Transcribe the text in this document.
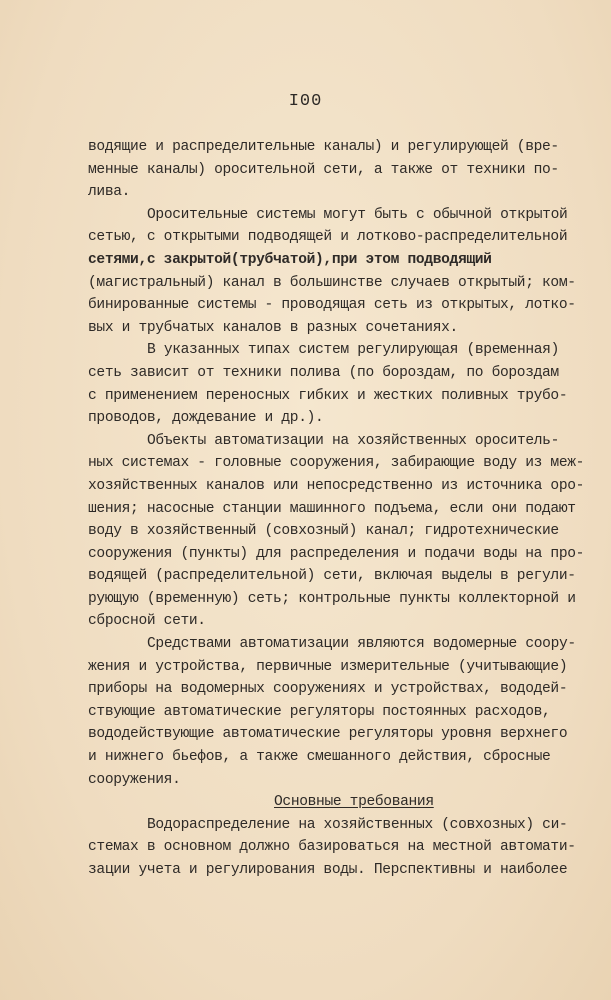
I00
водящие и распределительные каналы) и регулирующей (вре-
менные каналы) оросительной сети, а также от техники по-
лива.
Оросительные системы могут быть с обычной открытой
сетью, с открытыми подводящей и лотково-распределительной
сетями,с закрытой(трубчатой),при этом подводящий
(магистральный) канал в большинстве случаев открытый; ком-
бинированные системы - проводящая сеть из открытых, лотко-
вых и трубчатых каналов в разных сочетаниях.
В указанных типах систем регулирующая (временная)
сеть зависит от техники полива (по бороздам, по бороздам
с применением переносных гибких и жестких поливных трубо-
проводов, дождевание и др.).
Объекты автоматизации на хозяйственных ороситель-
ных системах - головные сооружения, забирающие воду из меж-
хозяйственных каналов или непосредственно из источника оро-
шения; насосные станции машинного подъема, если они подают
воду в хозяйственный (совхозный) канал; гидротехнические
сооружения (пункты) для распределения и подачи воды на про-
водящей (распределительной) сети, включая выделы в регули-
рующую (временную) сеть; контрольные пункты коллекторной и
сбросной сети.
Средствами автоматизации являются водомерные соору-
жения и устройства, первичные измерительные (учитывающие)
приборы на водомерных сооружениях и устройствах, вододей-
ствующие автоматические регуляторы постоянных расходов,
вододействующие автоматические регуляторы уровня верхнего
и нижнего бьефов, а также смешанного действия, сбросные
сооружения.
Основные требования
Водораспределение на хозяйственных (совхозных) си-
стемах в основном должно базироваться на местной автомати-
зации учета и регулирования воды. Перспективны и наиболее
